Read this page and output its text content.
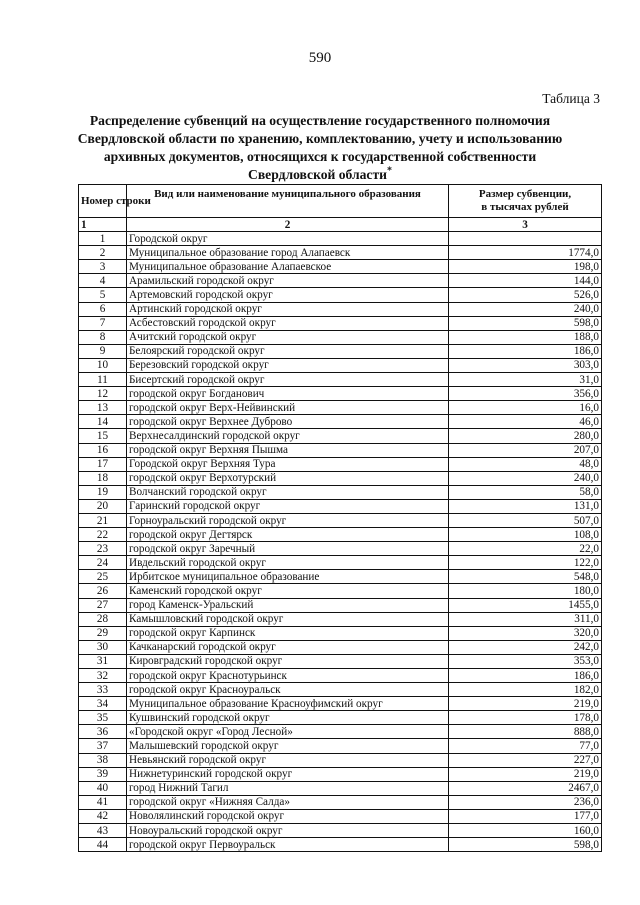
590
Таблица 3
Распределение субвенций на осуществление государственного полномочия
Свердловской области по хранению, комплектованию, учету и использованию
архивных документов, относящихся к государственной собственности
Свердловской области*
Номер строки	Вид или наименование муниципального образования	Размер субвенции,
в тысячах рублей
1	2	3
1	Городской округ	
2	Муниципальное образование город Алапаевск	1774,0
3	Муниципальное образование Алапаевское	198,0
4	Арамильский городской округ	144,0
5	Артемовский городской округ	526,0
6	Артинский городской округ	240,0
7	Асбестовский городской округ	598,0
8	Ачитский городской округ	188,0
9	Белоярский городской округ	186,0
10	Березовский городской округ	303,0
11	Бисертский городской округ	31,0
12	городской округ Богданович	356,0
13	городской округ Верх-Нейвинский	16,0
14	городской округ Верхнее Дуброво	46,0
15	Верхнесалдинский городской округ	280,0
16	городской округ Верхняя Пышма	207,0
17	Городской округ Верхняя Тура	48,0
18	городской округ Верхотурский	240,0
19	Волчанский городской округ	58,0
20	Гаринский городской округ	131,0
21	Горноуральский городской округ	507,0
22	городской округ Дегтярск	108,0
23	городской округ Заречный	22,0
24	Ивдельский городской округ	122,0
25	Ирбитское муниципальное образование	548,0
26	Каменский городской округ	180,0
27	город Каменск-Уральский	1455,0
28	Камышловский городской округ	311,0
29	городской округ Карпинск	320,0
30	Качканарский городской округ	242,0
31	Кировградский городской округ	353,0
32	городской округ Краснотурьинск	186,0
33	городской округ Красноуральск	182,0
34	Муниципальное образование Красноуфимский округ	219,0
35	Кушвинский городской округ	178,0
36	«Городской округ «Город Лесной»	888,0
37	Малышевский городской округ	77,0
38	Невьянский городской округ	227,0
39	Нижнетуринский городской округ	219,0
40	город Нижний Тагил	2467,0
41	городской округ «Нижняя Салда»	236,0
42	Новолялинский городской округ	177,0
43	Новоуральский городской округ	160,0
44	городской округ Первоуральск	598,0
